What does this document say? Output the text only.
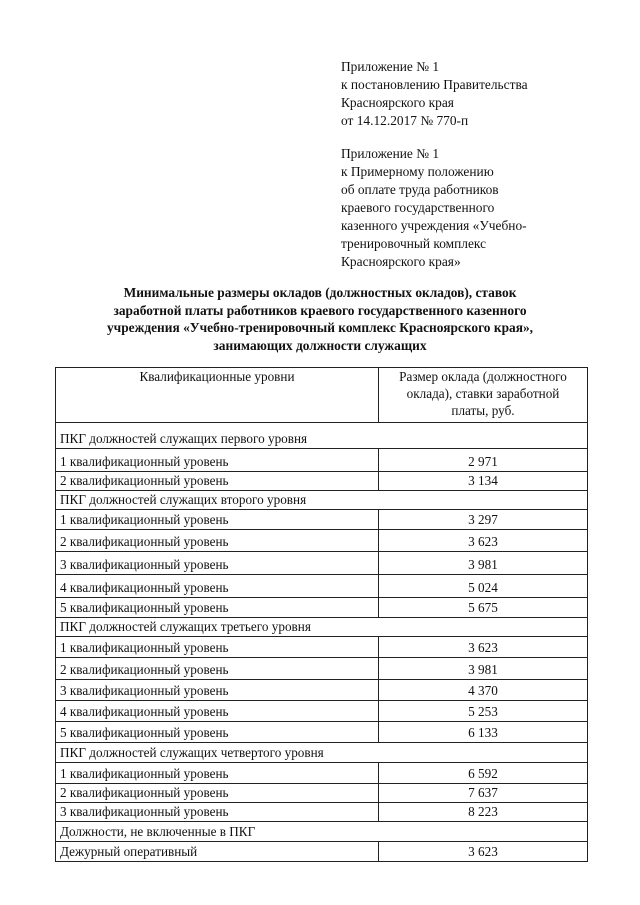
Приложение № 1
к постановлению Правительства
Красноярского края
от 14.12.2017 № 770-п
Приложение № 1
к Примерному положению
об оплате труда работников
краевого государственного
казенного учреждения «Учебно-
тренировочный комплекс
Красноярского края»
Минимальные размеры окладов (должностных окладов), ставок
заработной платы работников краевого государственного казенного
учреждения «Учебно-тренировочный комплекс Красноярского края»,
занимающих должности служащих
Квалификационные уровни	Размер оклада (должностного
оклада), ставки заработной
платы, руб.

ПКГ должностей служащих первого уровня	
1 квалификационный уровень	2 971
2 квалификационный уровень	3 134
ПКГ должностей служащих второго уровня	
1 квалификационный уровень	3 297
2 квалификационный уровень	3 623
3 квалификационный уровень	3 981
4 квалификационный уровень	5 024
5 квалификационный уровень	5 675
ПКГ должностей служащих третьего уровня	
1 квалификационный уровень	3 623
2 квалификационный уровень	3 981
3 квалификационный уровень	4 370
4 квалификационный уровень	5 253
5 квалификационный уровень	6 133
ПКГ должностей служащих четвертого уровня	
1 квалификационный уровень	6 592
2 квалификационный уровень	7 637
3 квалификационный уровень	8 223
Должности, не включенные в ПКГ	
Дежурный оперативный	3 623
